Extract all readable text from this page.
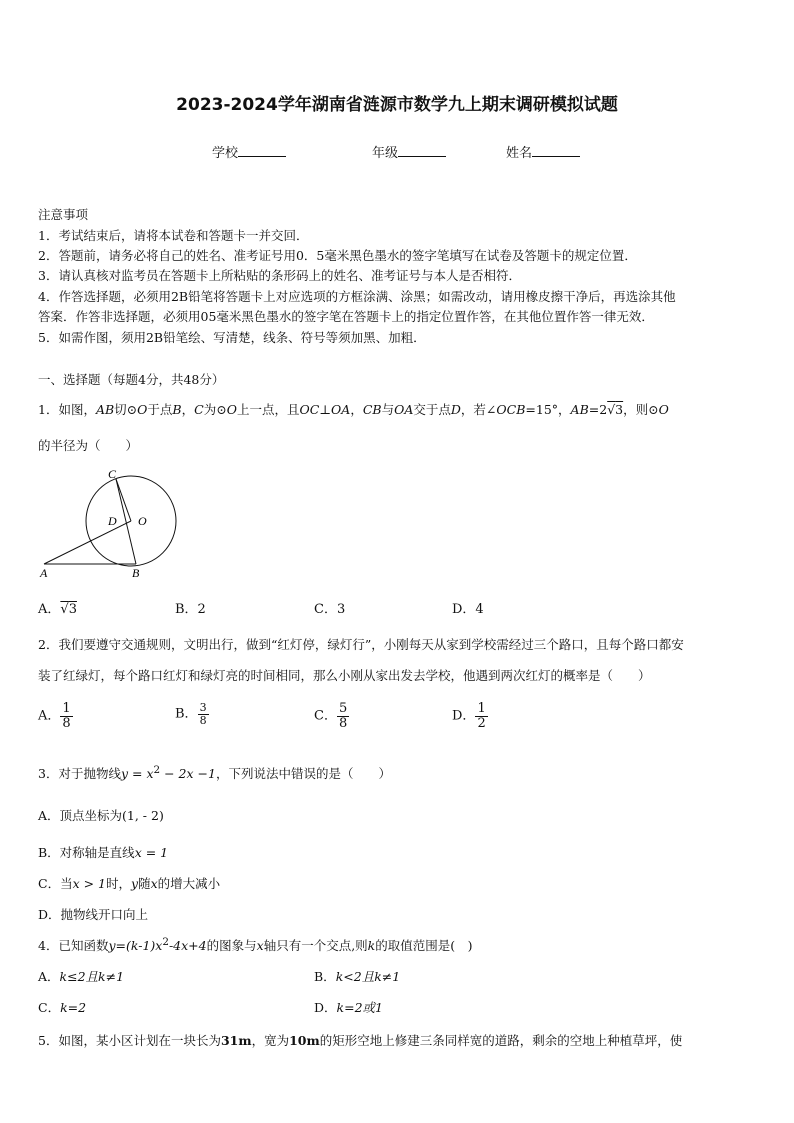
2023-2024学年湖南省涟源市数学九上期末调研模拟试题
学校	年级	姓名
注意事项
1．考试结束后，请将本试卷和答题卡一并交回．
2．答题前，请务必将自己的姓名、准考证号用0．5毫米黑色墨水的签字笔填写在试卷及答题卡的规定位置．
3．请认真核对监考员在答题卡上所粘贴的条形码上的姓名、准考证号与本人是否相符．
4．作答选择题，必须用2B铅笔将答题卡上对应选项的方框涂满、涂黑；如需改动，请用橡皮擦干净后，再选涂其他
答案．作答非选择题，必须用05毫米黑色墨水的签字笔在答题卡上的指定位置作答，在其他位置作答一律无效．
5．如需作图，须用2B铅笔绘、写清楚，线条、符号等须加黑、加粗．
一、选择题（每题4分，共48分）
1．如图，AB切⊙O于点B，C为⊙O上一点，且OC⊥OA，CB与OA交于点D，若∠OCB=15°，AB=2√3，则⊙O
的半径为（　　）
C
D O
A	B
A．√3	B．2	C．3	D．4
2．我们要遵守交通规则，文明出行，做到“红灯停，绿灯行”，小刚每天从家到学校需经过三个路口，且每个路口都安
装了红绿灯，每个路口红灯和绿灯亮的时间相同，那么小刚从家出发去学校，他遇到两次红灯的概率是（　　）
A． $\frac{1}{8}$	B． $\frac{3}{8}$	C． $\frac{5}{8}$	D． $\frac{1}{2}$
3．对于抛物线$y = x^2 - 2x -1$，下列说法中错误的是（　　）
A．顶点坐标为(1, - 2)
B．对称轴是直线x = 1
C．当x > 1时，y随x的增大减小
D．抛物线开口向上
4．已知函数$y=(k-1)x^2-4x+4$的图象与x轴只有一个交点,则k的取值范围是(　)
A．k≤2且k≠1	B．k<2且k≠1
C．k=2	D．k=2或1
5．如图，某小区计划在一块长为31m，宽为10m的矩形空地上修建三条同样宽的道路，剩余的空地上种植草坪，使
